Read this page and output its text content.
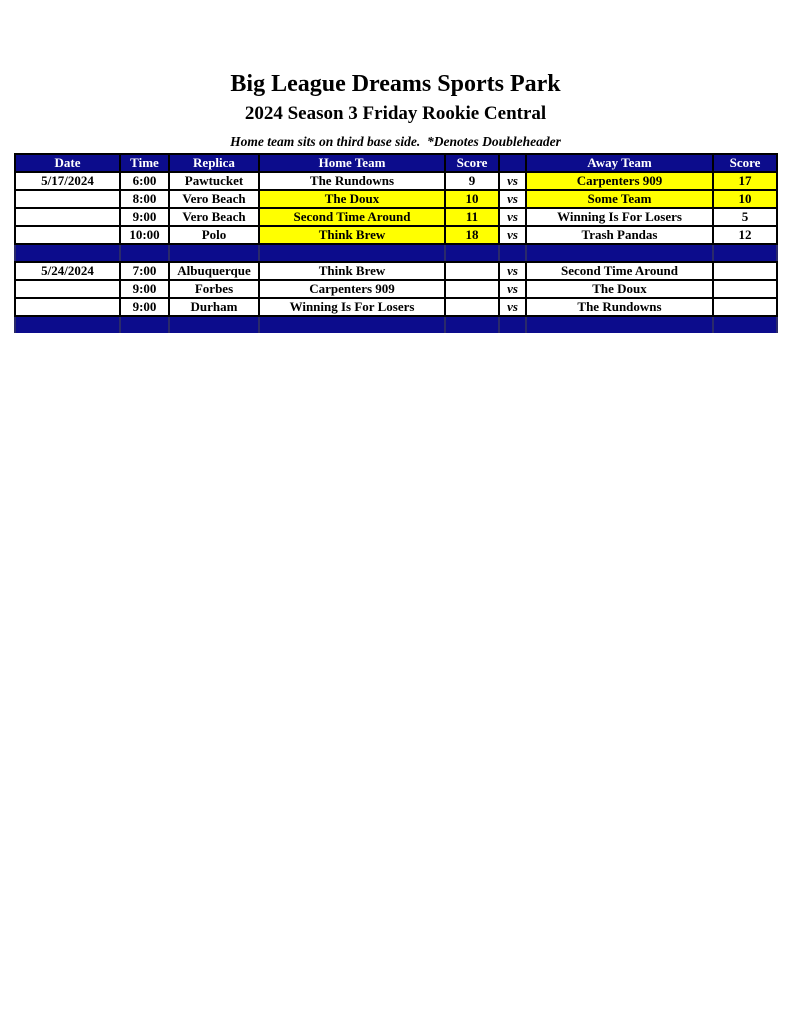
Big League Dreams Sports Park
2024 Season 3 Friday Rookie Central
Home team sits on third base side.  *Denotes Doubleheader
Date	Time	Replica	Home Team	Score		Away Team	Score
5/17/2024	6:00	Pawtucket	The Rundowns	9	vs	Carpenters 909	17
	8:00	Vero Beach	The Doux	10	vs	Some Team	10
	9:00	Vero Beach	Second Time Around	11	vs	Winning Is For Losers	5
	10:00	Polo	Think Brew	18	vs	Trash Pandas	12

5/24/2024	7:00	Albuquerque	Think Brew		vs	Second Time Around	
	9:00	Forbes	Carpenters 909		vs	The Doux	
	9:00	Durham	Winning Is For Losers		vs	The Rundowns	
